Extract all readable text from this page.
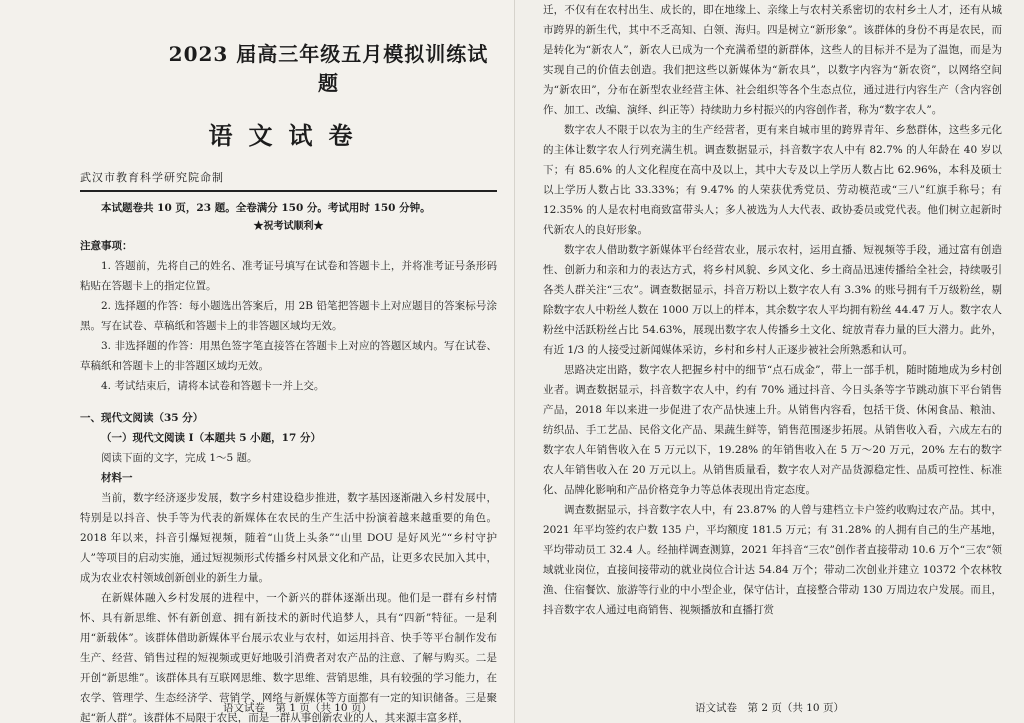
2023 届高三年级五月模拟训练试题
语文试卷
武汉市教育科学研究院命制

本试题卷共 10 页，23 题。全卷满分 150 分。考试用时 150 分钟。

★祝考试顺利★

注意事项：

1. 答题前，先将自己的姓名、准考证号填写在试卷和答题卡上，并将准考证号条形码粘贴在答题卡上的指定位置。

2. 选择题的作答：每小题选出答案后，用 2B 铅笔把答题卡上对应题目的答案标号涂黑。写在试卷、草稿纸和答题卡上的非答题区域均无效。

3. 非选择题的作答：用黑色签字笔直接答在答题卡上对应的答题区域内。写在试卷、草稿纸和答题卡上的非答题区域均无效。

4. 考试结束后，请将本试卷和答题卡一并上交。

一、现代文阅读（35 分）

（一）现代文阅读 I（本题共 5 小题，17 分）

阅读下面的文字，完成 1～5 题。

材料一

当前，数字经济逐步发展，数字乡村建设稳步推进，数字基因逐渐融入乡村发展中，特别是以抖音、快手等为代表的新媒体在农民的生产生活中扮演着越来越重要的角色。2018 年以来，抖音引爆短视频，随着“山货上头条”“山里 DOU 是好风光”“乡村守护人”等项目的启动实施，通过短视频形式传播乡村风景文化和产品，让更多农民加入其中，成为农业农村领域创新创业的新生力量。

在新媒体融入乡村发展的进程中，一个新兴的群体逐渐出现。他们是一群有乡村情怀、具有新思维、怀有新创意、拥有新技术的新时代追梦人，具有“四新”特征。一是利用“新载体”。该群体借助新媒体平台展示农业与农村，如运用抖音、快手等平台制作发布生产、经营、销售过程的短视频或更好地吸引消费者对农产品的注意、了解与购买。二是开创“新思维”。该群体具有互联网思维、数字思维、营销思维，具有较强的学习能力，在农学、管理学、生态经济学、营销学、网络与新媒体等方面都有一定的知识储备。三是聚起“新人群”。该群体不局限于农民，而是一群从事创新农业的人，其来源丰富多样，

语文试卷　第 1 页（共 10 页）

迁，不仅有在农村出生、成长的，即在地缘上、亲缘上与农村关系密切的农村乡土人才，还有从城市跨界的新生代，其中不乏高知、白领、海归。四是树立“新形象”。该群体的身份不再是农民，而是转化为“新农人”，新农人已成为一个充满希望的新群体，这些人的目标并不是为了温饱，而是为实现自己的价值去创造。我们把这些以新媒体为“新农具”，以数字内容为“新农资”，以网络空间为“新农田”，分布在新型农业经营主体、社会组织等各个生态点位，通过进行内容生产（含内容创作、加工、改编、演绎、纠正等）持续助力乡村振兴的内容创作者，称为“数字农人”。

数字农人不限于以农为主的生产经营者，更有来自城市里的跨界青年、乡愁群体，这些多元化的主体让数字农人行列充满生机。调查数据显示，抖音数字农人中有 82.7% 的人年龄在 40 岁以下；有 85.6% 的人文化程度在高中及以上，其中大专及以上学历人数占比 62.96%，本科及硕士以上学历人数占比 33.33%；有 9.47% 的人荣获优秀党员、劳动模范或“三八”红旗手称号；有 12.35% 的人是农村电商致富带头人；多人被选为人大代表、政协委员或党代表。他们树立起新时代新农人的良好形象。

数字农人借助数字新媒体平台经营农业，展示农村，运用直播、短视频等手段，通过富有创造性、创新力和亲和力的表达方式，将乡村风貌、乡风文化、乡土商品迅速传播给全社会，持续吸引各类人群关注“三农”。调查数据显示，抖音万粉以上数字农人有 3.3% 的账号拥有千万级粉丝，剔除数字农人中粉丝人数在 1000 万以上的样本，其余数字农人平均拥有粉丝 44.47 万人。数字农人粉丝中活跃粉丝占比 54.63%，展现出数字农人传播乡土文化、绽放青春力量的巨大潜力。此外，有近 1/3 的人接受过新闻媒体采访，乡村和乡村人正逐步被社会所熟悉和认可。

思路决定出路，数字农人把握乡村中的细节“点石成金”，带上一部手机，随时随地成为乡村创业者。调查数据显示，抖音数字农人中，约有 70% 通过抖音、今日头条等字节跳动旗下平台销售产品，2018 年以来进一步促进了农产品快速上升。从销售内容看，包括干货、休闲食品、粮油、纺织品、手工艺品、民俗文化产品、果蔬生鲜等，销售范围逐步拓展。从销售收入看，六成左右的数字农人年销售收入在 5 万元以下，19.28% 的年销售收入在 5 万～20 万元，20% 左右的数字农人年销售收入在 20 万元以上。从销售质量看，数字农人对产品货源稳定性、品质可控性、标准化、品牌化影响和产品价格竞争力等总体表现出肯定态度。

调查数据显示，抖音数字农人中，有 23.87% 的人曾与建档立卡户签约收购过农产品。其中，2021 年平均签约农户数 135 户，平均额度 181.5 万元；有 31.28% 的人拥有自己的生产基地，平均带动员工 32.4 人。经抽样调查测算，2021 年抖音“三农”创作者直接带动 10.6 万个“三农”领域就业岗位，直接间接带动的就业岗位合计达 54.84 万个；带动二次创业并建立 10372 个农林牧渔、住宿餐饮、旅游等行业的中小型企业，保守估计，直接整合带动 130 万周边农户发展。而且，抖音数字农人通过电商销售、视频播放和直播打赏

语文试卷　第 2 页（共 10 页）
